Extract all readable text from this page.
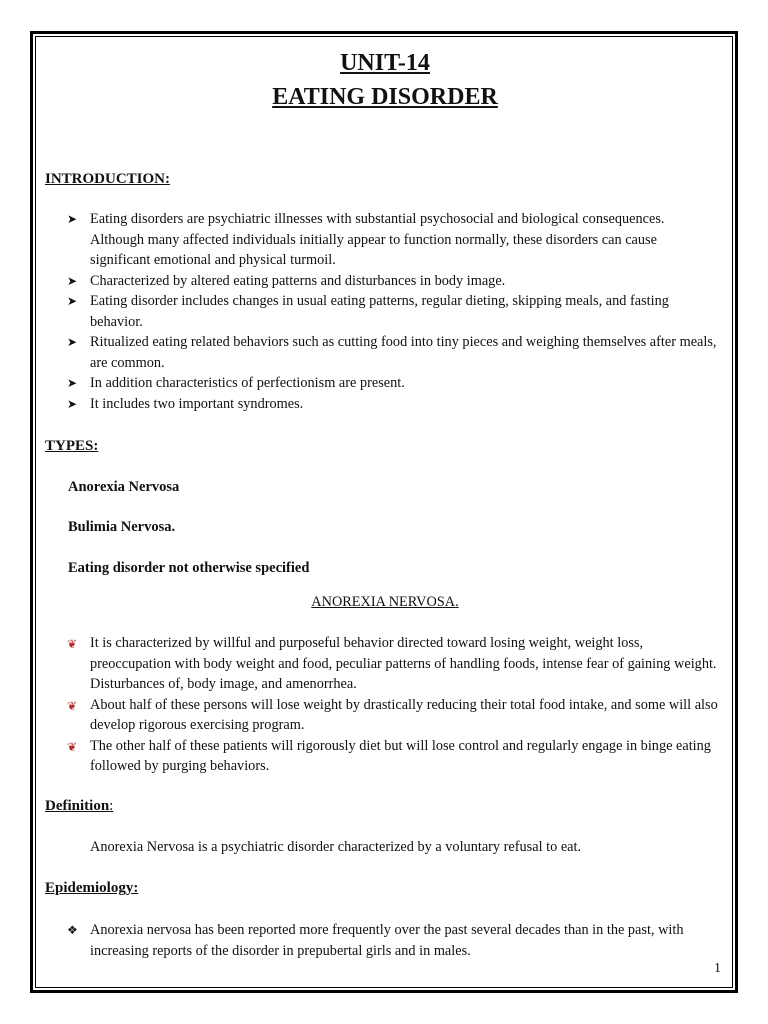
UNIT-14

EATING DISORDER

INTRODUCTION:

➤ Eating disorders are psychiatric illnesses with substantial psychosocial and biological consequences. Although many affected individuals initially appear to function normally, these disorders can cause significant emotional and physical turmoil.
➤ Characterized by altered eating patterns and disturbances in body image.
➤ Eating disorder includes changes in usual eating patterns, regular dieting, skipping meals, and fasting behavior.
➤ Ritualized eating related behaviors such as cutting food into tiny pieces and weighing themselves after meals, are common.
➤ In addition characteristics of perfectionism are present.
➤ It includes two important syndromes.

TYPES:

Anorexia Nervosa

Bulimia Nervosa.

Eating disorder not otherwise specified

ANOREXIA NERVOSA.

❦ It is characterized by willful and purposeful behavior directed toward losing weight, weight loss, preoccupation with body weight and food, peculiar patterns of handling foods, intense fear of gaining weight. Disturbances of, body image, and amenorrhea.
❦ About half of these persons will lose weight by drastically reducing their total food intake, and some will also develop rigorous exercising program.
❦ The other half of these patients will rigorously diet but will lose control and regularly engage in binge eating followed by purging behaviors.

Definition:

Anorexia Nervosa is a psychiatric disorder characterized by a voluntary refusal to eat.

Epidemiology:

❖ Anorexia nervosa has been reported more frequently over the past several decades than in the past, with increasing reports of the disorder in prepubertal girls and in males.
1
